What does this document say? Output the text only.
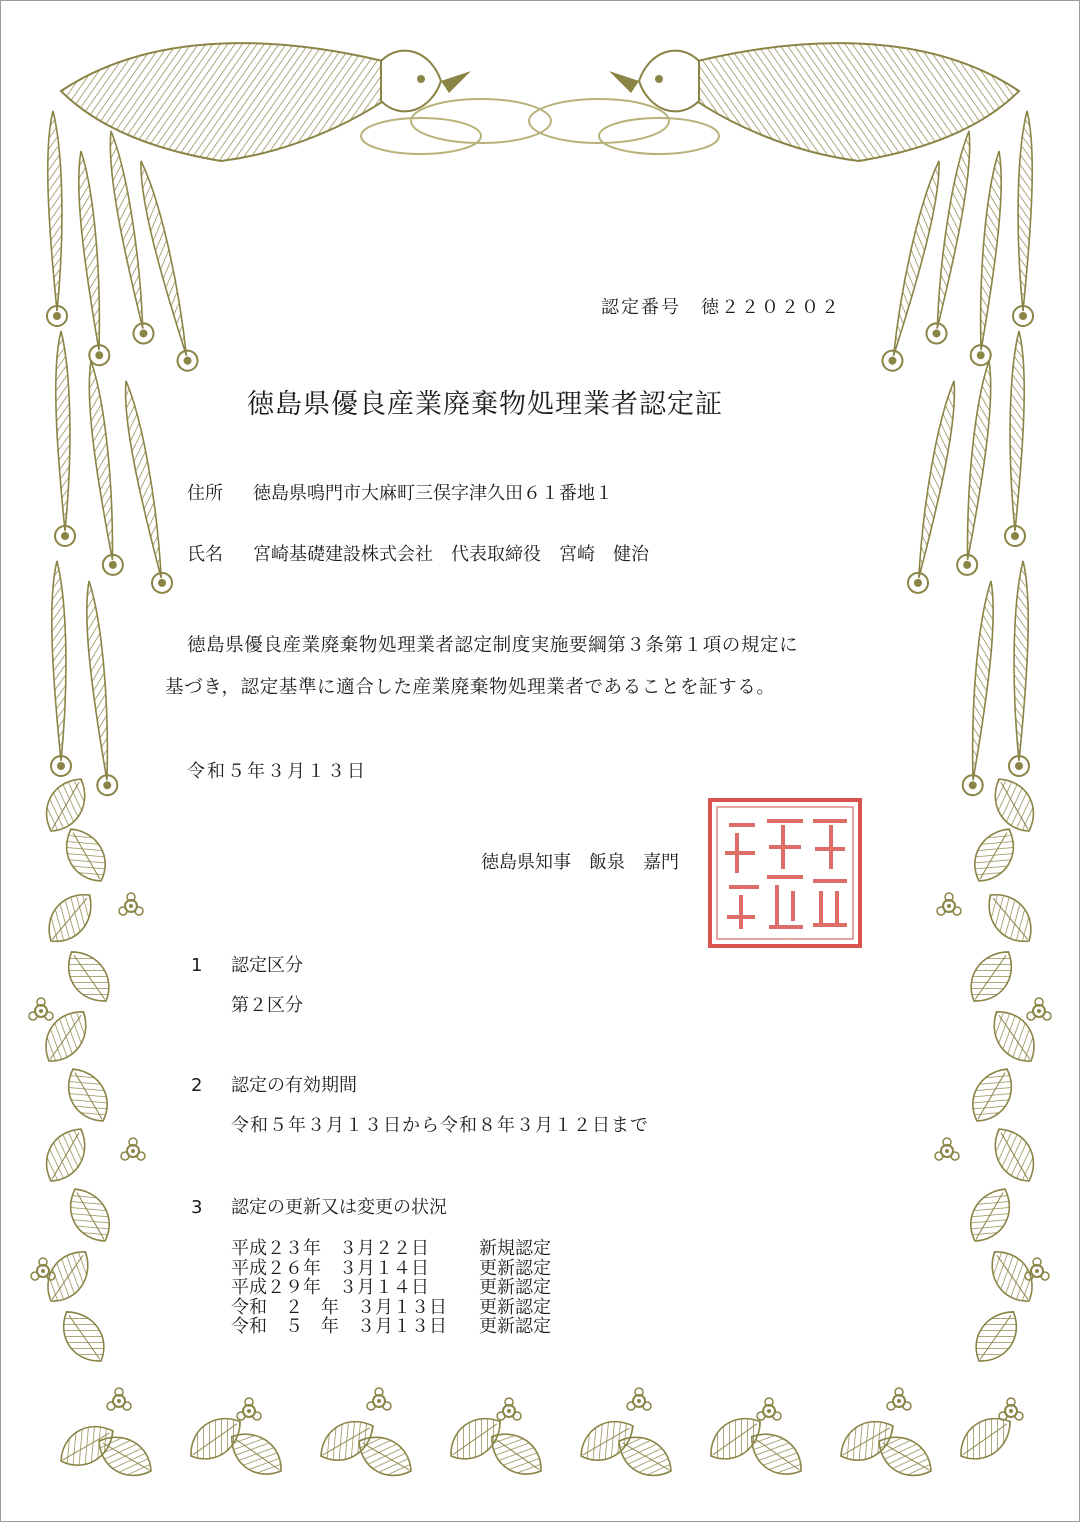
認定番号　 徳２２０２０２
徳島県優良産業廃棄物処理業者認定証
住所 徳島県鳴門市大麻町三俣字津久田６１番地１
氏名 宮崎基礎建設株式会社　代表取締役　宮崎　健治
徳島県優良産業廃棄物処理業者認定制度実施要綱第３条第１項の規定に
基づき，認定基準に適合した産業廃棄物処理業者であることを証する。
令和５年３月１３日
徳島県知事　飯泉　嘉門
徳島県知事之印
1 認定区分
第２区分
2 認定の有効期間
令和５年３月１３日から令和８年３月１２日まで
3 認定の更新又は変更の状況
平成２３年　３月２２日	新規認定
平成２６年　３月１４日	更新認定
平成２９年　３月１４日	更新認定
令和　２　年　３月１３日	更新認定
令和　５　年　３月１３日	更新認定
